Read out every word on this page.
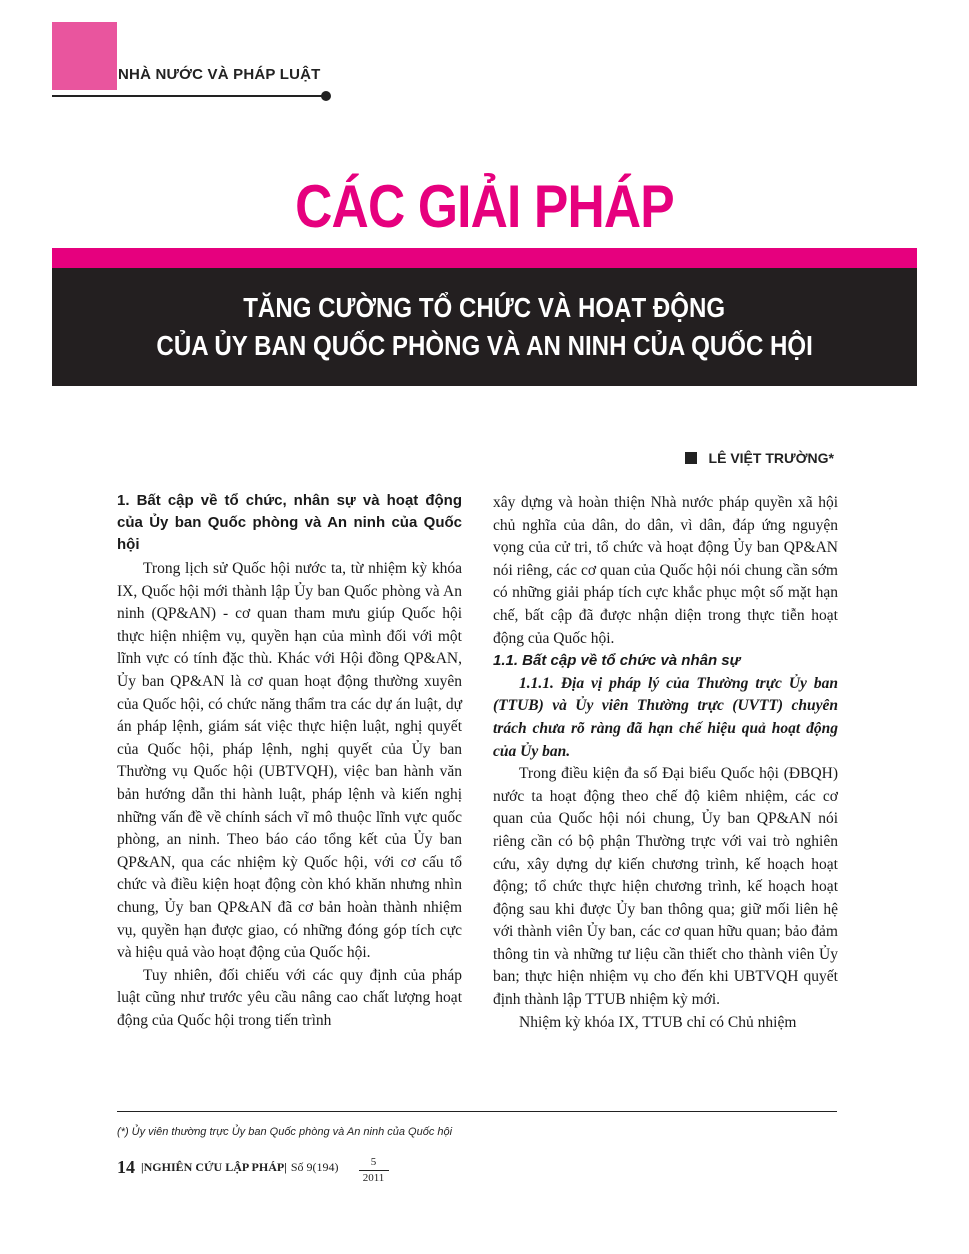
NHÀ NƯỚC VÀ PHÁP LUẬT
CÁC GIẢI PHÁP
TĂNG CƯỜNG TỔ CHỨC VÀ HOẠT ĐỘNG
CỦA ỦY BAN QUỐC PHÒNG VÀ AN NINH CỦA QUỐC HỘI
LÊ VIỆT TRƯỜNG*
1. Bất cập về tổ chức, nhân sự và hoạt động của Ủy ban Quốc phòng và An ninh của Quốc hội

Trong lịch sử Quốc hội nước ta, từ nhiệm kỳ khóa IX, Quốc hội mới thành lập Ủy ban Quốc phòng và An ninh (QP&AN) - cơ quan tham mưu giúp Quốc hội thực hiện nhiệm vụ, quyền hạn của mình đối với một lĩnh vực có tính đặc thù. Khác với Hội đồng QP&AN, Ủy ban QP&AN là cơ quan hoạt động thường xuyên của Quốc hội, có chức năng thẩm tra các dự án luật, dự án pháp lệnh, giám sát việc thực hiện luật, nghị quyết của Quốc hội, pháp lệnh, nghị quyết của Ủy ban Thường vụ Quốc hội (UBTVQH), việc ban hành văn bản hướng dẫn thi hành luật, pháp lệnh và kiến nghị những vấn đề về chính sách vĩ mô thuộc lĩnh vực quốc phòng, an ninh. Theo báo cáo tổng kết của Ủy ban QP&AN, qua các nhiệm kỳ Quốc hội, với cơ cấu tổ chức và điều kiện hoạt động còn khó khăn nhưng nhìn chung, Ủy ban QP&AN đã cơ bản hoàn thành nhiệm vụ, quyền hạn được giao, có những đóng góp tích cực và hiệu quả vào hoạt động của Quốc hội.

Tuy nhiên, đối chiếu với các quy định của pháp luật cũng như trước yêu cầu nâng cao chất lượng hoạt động của Quốc hội trong tiến trình

xây dựng và hoàn thiện Nhà nước pháp quyền xã hội chủ nghĩa của dân, do dân, vì dân, đáp ứng nguyện vọng của cử tri, tổ chức và hoạt động Ủy ban QP&AN nói riêng, các cơ quan của Quốc hội nói chung cần sớm có những giải pháp tích cực khắc phục một số mặt hạn chế, bất cập đã được nhận diện trong thực tiễn hoạt động của Quốc hội.

1.1. Bất cập về tổ chức và nhân sự

1.1.1. Địa vị pháp lý của Thường trực Ủy ban (TTUB) và Ủy viên Thường trực (UVTT) chuyên trách chưa rõ ràng đã hạn chế hiệu quả hoạt động của Ủy ban.

Trong điều kiện đa số Đại biểu Quốc hội (ĐBQH) nước ta hoạt động theo chế độ kiêm nhiệm, các cơ quan của Quốc hội nói chung, Ủy ban QP&AN nói riêng cần có bộ phận Thường trực với vai trò nghiên cứu, xây dựng dự kiến chương trình, kế hoạch hoạt động; tổ chức thực hiện chương trình, kế hoạch hoạt động sau khi được Ủy ban thông qua; giữ mối liên hệ với thành viên Ủy ban, các cơ quan hữu quan; bảo đảm thông tin và những tư liệu cần thiết cho thành viên Ủy ban; thực hiện nhiệm vụ cho đến khi UBTVQH quyết định thành lập TTUB nhiệm kỳ mới.

Nhiệm kỳ khóa IX, TTUB chỉ có Chủ nhiệm

(*) Ủy viên thường trực Ủy ban Quốc phòng và An ninh của Quốc hội
14 |NGHIÊN CỨU LẬP PHÁP| Số 9(194)	5
2011
